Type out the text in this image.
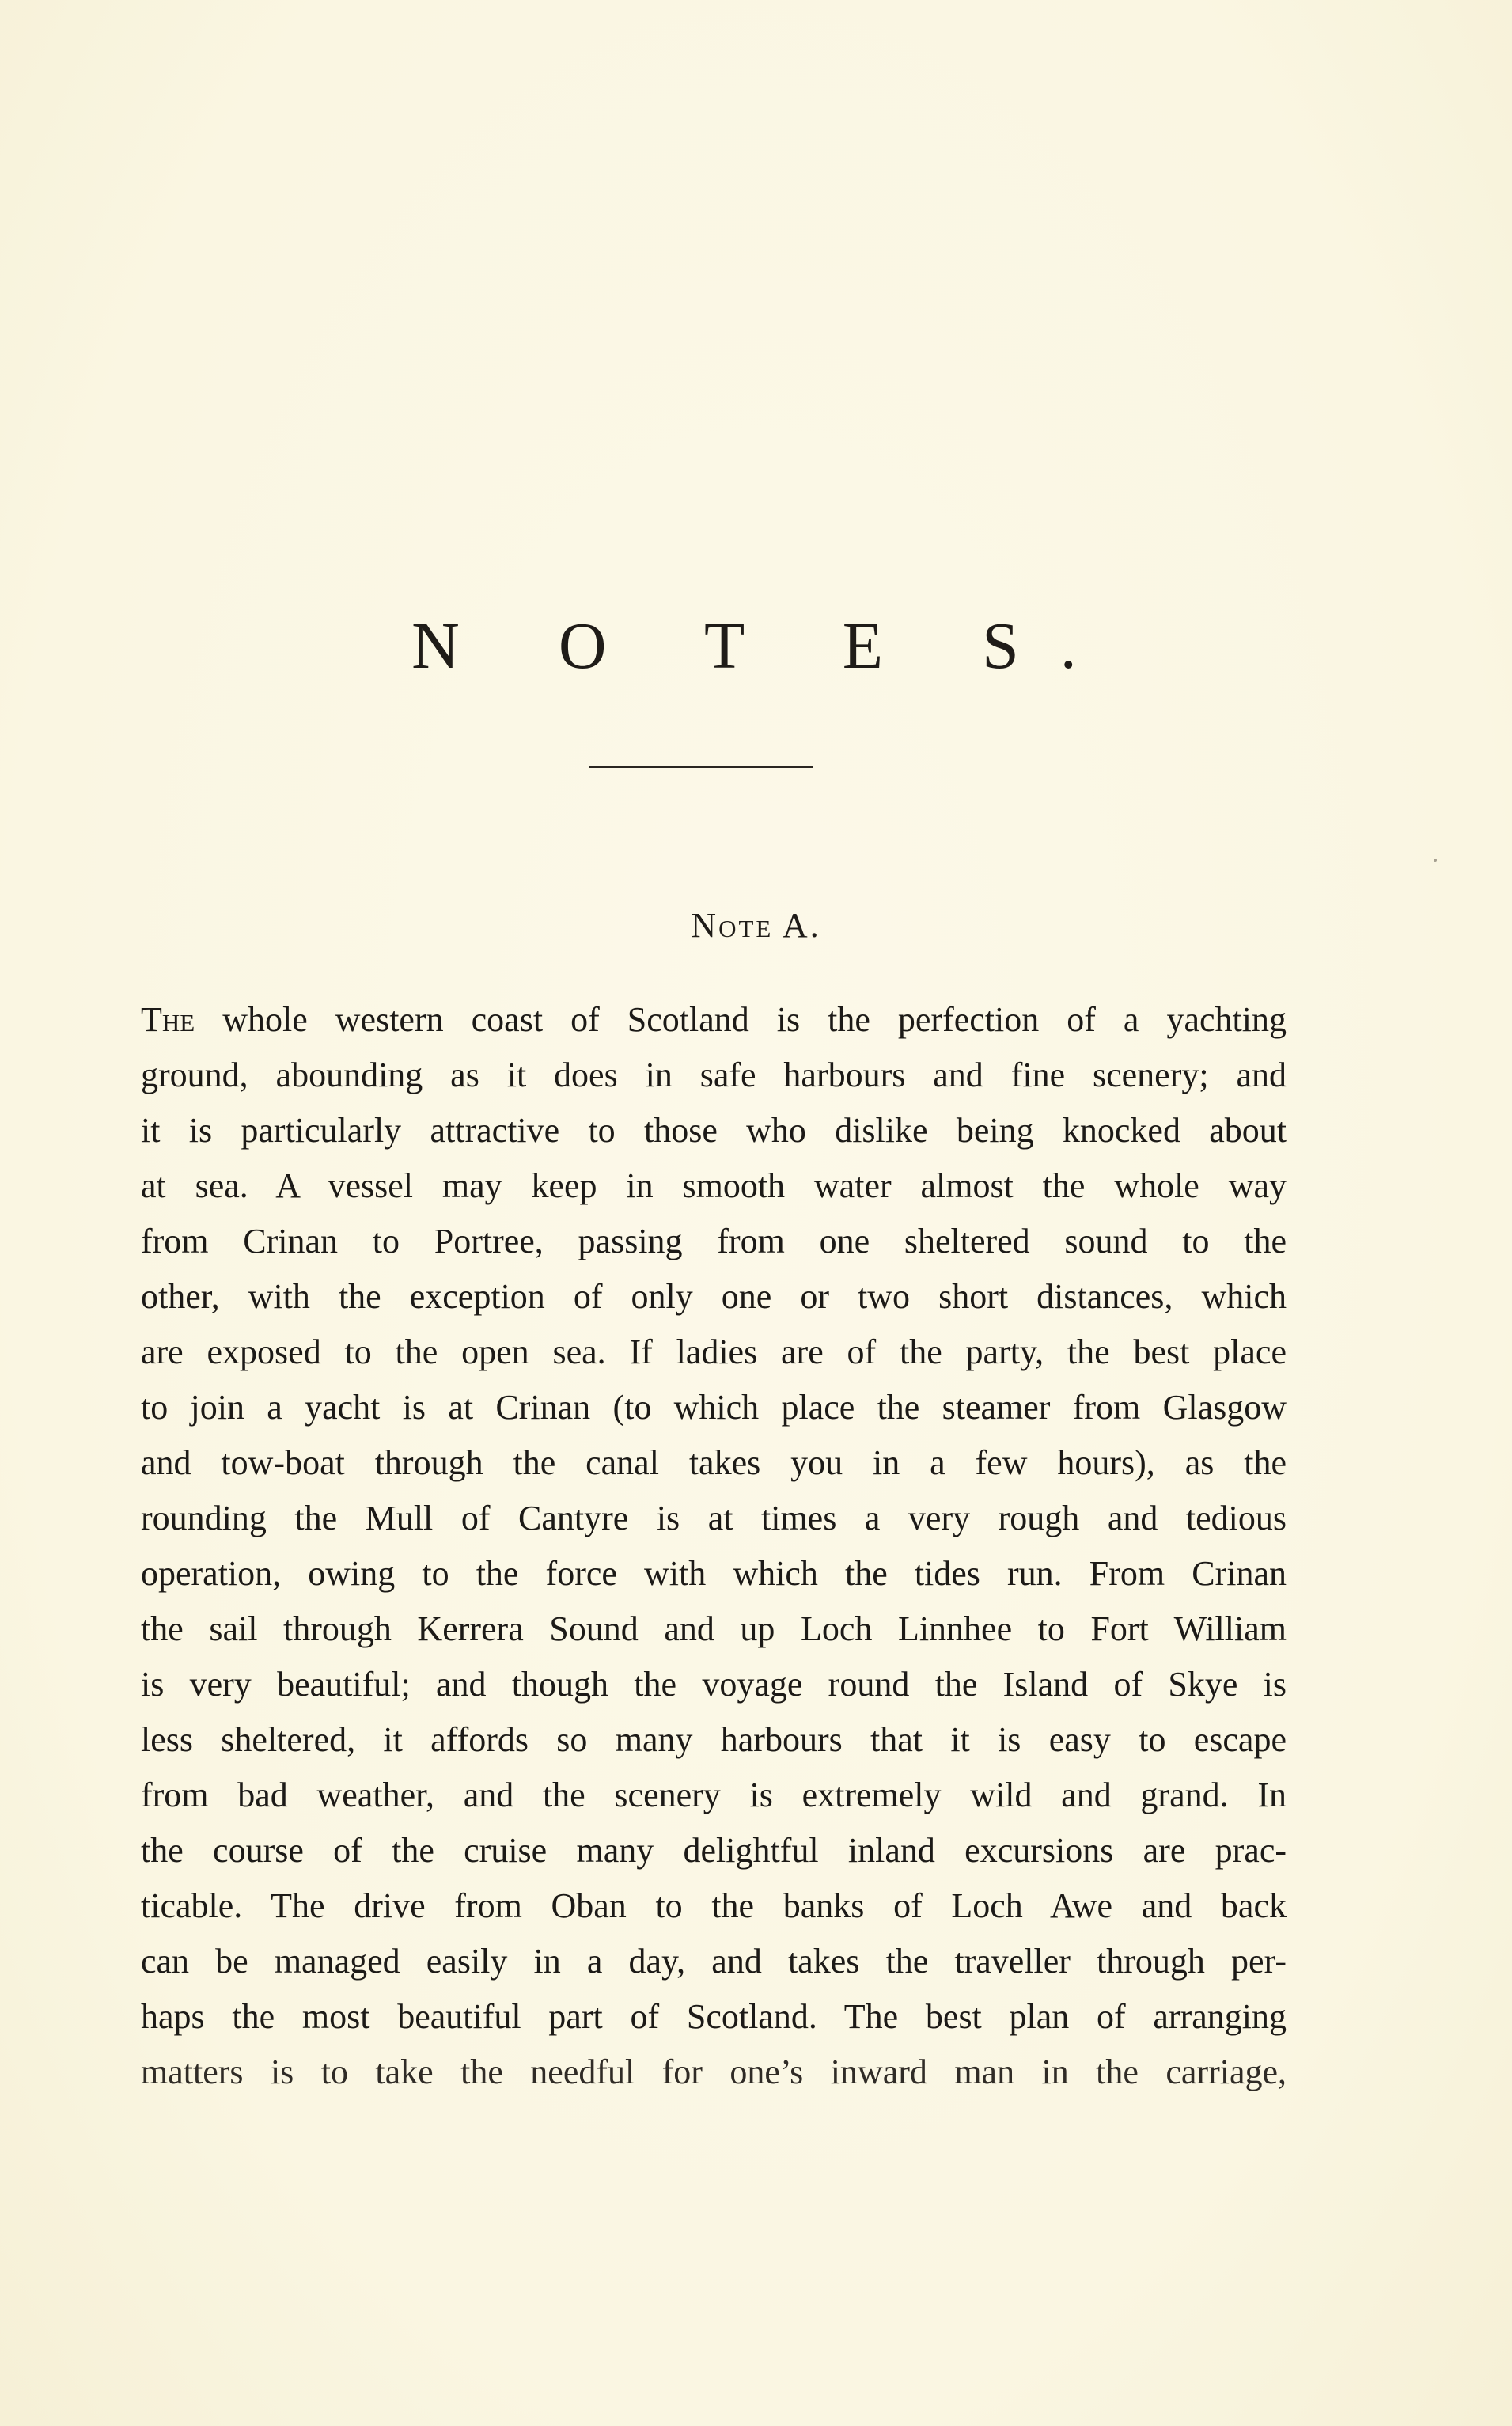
N O T E S.
Note A.
The whole western coast of Scotland is the perfection of a yachting
ground, abounding as it does in safe harbours and fine scenery; and
it is particularly attractive to those who dislike being knocked about
at sea. A vessel may keep in smooth water almost the whole way
from Crinan to Portree, passing from one sheltered sound to the
other, with the exception of only one or two short distances, which
are exposed to the open sea. If ladies are of the party, the best place
to join a yacht is at Crinan (to which place the steamer from Glasgow
and tow-boat through the canal takes you in a few hours), as the
rounding the Mull of Cantyre is at times a very rough and tedious
operation, owing to the force with which the tides run. From Crinan
the sail through Kerrera Sound and up Loch Linnhee to Fort William
is very beautiful; and though the voyage round the Island of Skye is
less sheltered, it affords so many harbours that it is easy to escape
from bad weather, and the scenery is extremely wild and grand. In
the course of the cruise many delightful inland excursions are prac-
ticable. The drive from Oban to the banks of Loch Awe and back
can be managed easily in a day, and takes the traveller through per-
haps the most beautiful part of Scotland. The best plan of arranging
matters is to take the needful for one’s inward man in the carriage,
